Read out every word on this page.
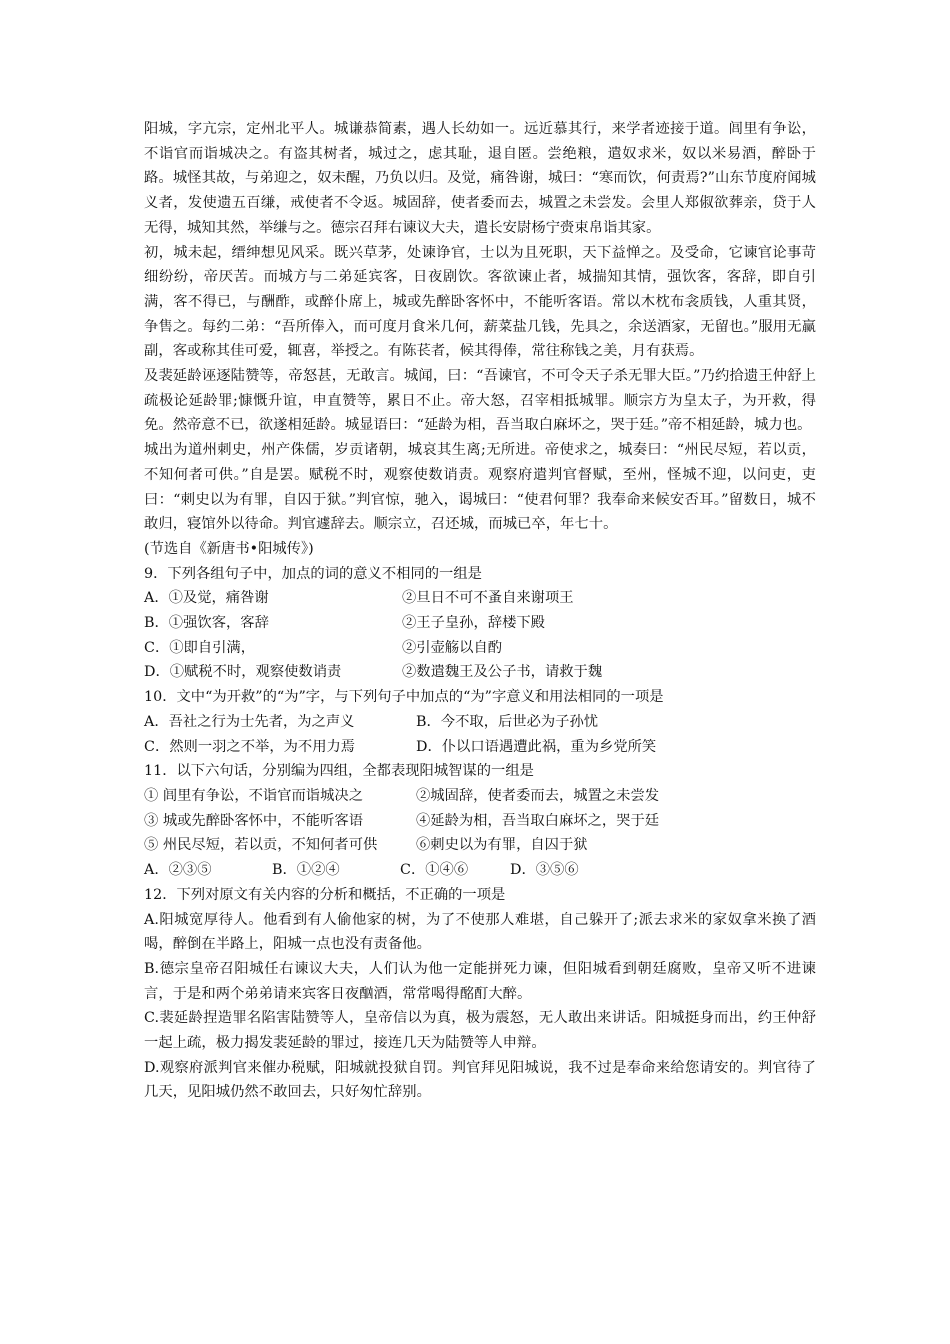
阳城，字亢宗，定州北平人。城谦恭简素，遇人长幼如一。远近慕其行，来学者迹接于道。闾里有争讼，不诣官而诣城决之。有盗其树者，城过之，虑其耻，退自匿。尝绝粮，遣奴求米，奴以米易酒，醉卧于路。城怪其故，与弟迎之，奴未醒，乃负以归。及觉，痛咎谢，城曰：“寒而饮，何责焉?”山东节度府闻城义者，发使遗五百缣，戒使者不令返。城固辞，使者委而去，城置之未尝发。会里人郑俶欲葬亲，贷于人无得，城知其然，举缣与之。德宗召拜右谏议大夫，遣长安尉杨宁赍束帛诣其家。

初，城未起，缙绅想见风采。既兴草茅，处谏诤官，士以为且死职，天下益惮之。及受命，它谏官论事苛细纷纷，帝厌苦。而城方与二弟延宾客，日夜剧饮。客欲谏止者，城揣知其情，强饮客，客辞，即自引满，客不得已，与酬酢，或醉仆席上，城或先醉卧客怀中，不能听客语。常以木枕布衾质钱，人重其贤，争售之。每约二弟：“吾所俸入，而可度月食米几何，薪菜盐几钱，先具之，余送酒家，无留也。”服用无赢副，客或称其佳可爱，辄喜，举授之。有陈苌者，候其得俸，常往称钱之美，月有获焉。

及裴延龄诬逐陆赞等，帝怒甚，无敢言。城闻，曰：“吾谏官，不可令天子杀无罪大臣。”乃约拾遗王仲舒上疏极论延龄罪;慷慨升谊，申直赞等，累日不止。帝大怒，召宰相抵城罪。顺宗方为皇太子，为开救，得免。然帝意不已，欲遂相延龄。城显语曰：“延龄为相，吾当取白麻坏之，哭于廷。”帝不相延龄，城力也。

城出为道州刺史，州产侏儒，岁贡诸朝，城哀其生离;无所进。帝使求之，城奏曰：“州民尽短，若以贡，不知何者可供。”自是罢。赋税不时，观察使数诮责。观察府遣判官督赋，至州，怪城不迎，以问吏，吏曰：“刺史以为有罪，自囚于狱。”判官惊，驰入，谒城曰：“使君何罪？我奉命来候安否耳。”留数日，城不敢归，寝馆外以待命。判官遽辞去。顺宗立，召还城，而城已卒，年七十。

(节选自《新唐书•阳城传》)

9．下列各组句子中，加点的词的意义不相同的一组是

A．①及觉，痛咎谢	②旦日不可不蚤自来谢项王
B．①强饮客，客辞	②王子皇孙，辞楼下殿
C．①即自引满，	②引壶觞以自酌
D．①赋税不时，观察使数诮责	②数遣魏王及公子书，请救于魏

10．文中“为开救”的“为”字，与下列句子中加点的“为”字意义和用法相同的一项是

A．吾社之行为士先者，为之声义	B．今不取，后世必为子孙忧
C．然则一羽之不举，为不用力焉	D．仆以口语遇遭此祸，重为乡党所笑

11．以下六句话，分别编为四组，全都表现阳城智谋的一组是

① 闾里有争讼，不诣官而诣城决之	②城固辞，使者委而去，城置之未尝发
③ 城或先醉卧客怀中，不能听客语	④延龄为相，吾当取白麻坏之，哭于廷
⑤ 州民尽短，若以贡，不知何者可供	⑥刺史以为有罪，自囚于狱
A．②③⑤	B．①②④	C．①④⑥	D．③⑤⑥

12．下列对原文有关内容的分析和概括，不正确的一项是

A.阳城宽厚待人。他看到有人偷他家的树，为了不使那人难堪，自己躲开了;派去求米的家奴拿米换了酒喝，醉倒在半路上，阳城一点也没有责备他。

B.德宗皇帝召阳城任右谏议大夫，人们认为他一定能拼死力谏，但阳城看到朝廷腐败，皇帝又听不进谏言，于是和两个弟弟请来宾客日夜酗酒，常常喝得酩酊大醉。

C.裴延龄捏造罪名陷害陆赞等人，皇帝信以为真，极为震怒，无人敢出来讲话。阳城挺身而出，约王仲舒一起上疏，极力揭发裴延龄的罪过，接连几天为陆赞等人申辩。

D.观察府派判官来催办税赋，阳城就投狱自罚。判官拜见阳城说，我不过是奉命来给您请安的。判官待了几天，见阳城仍然不敢回去，只好匆忙辞别。
